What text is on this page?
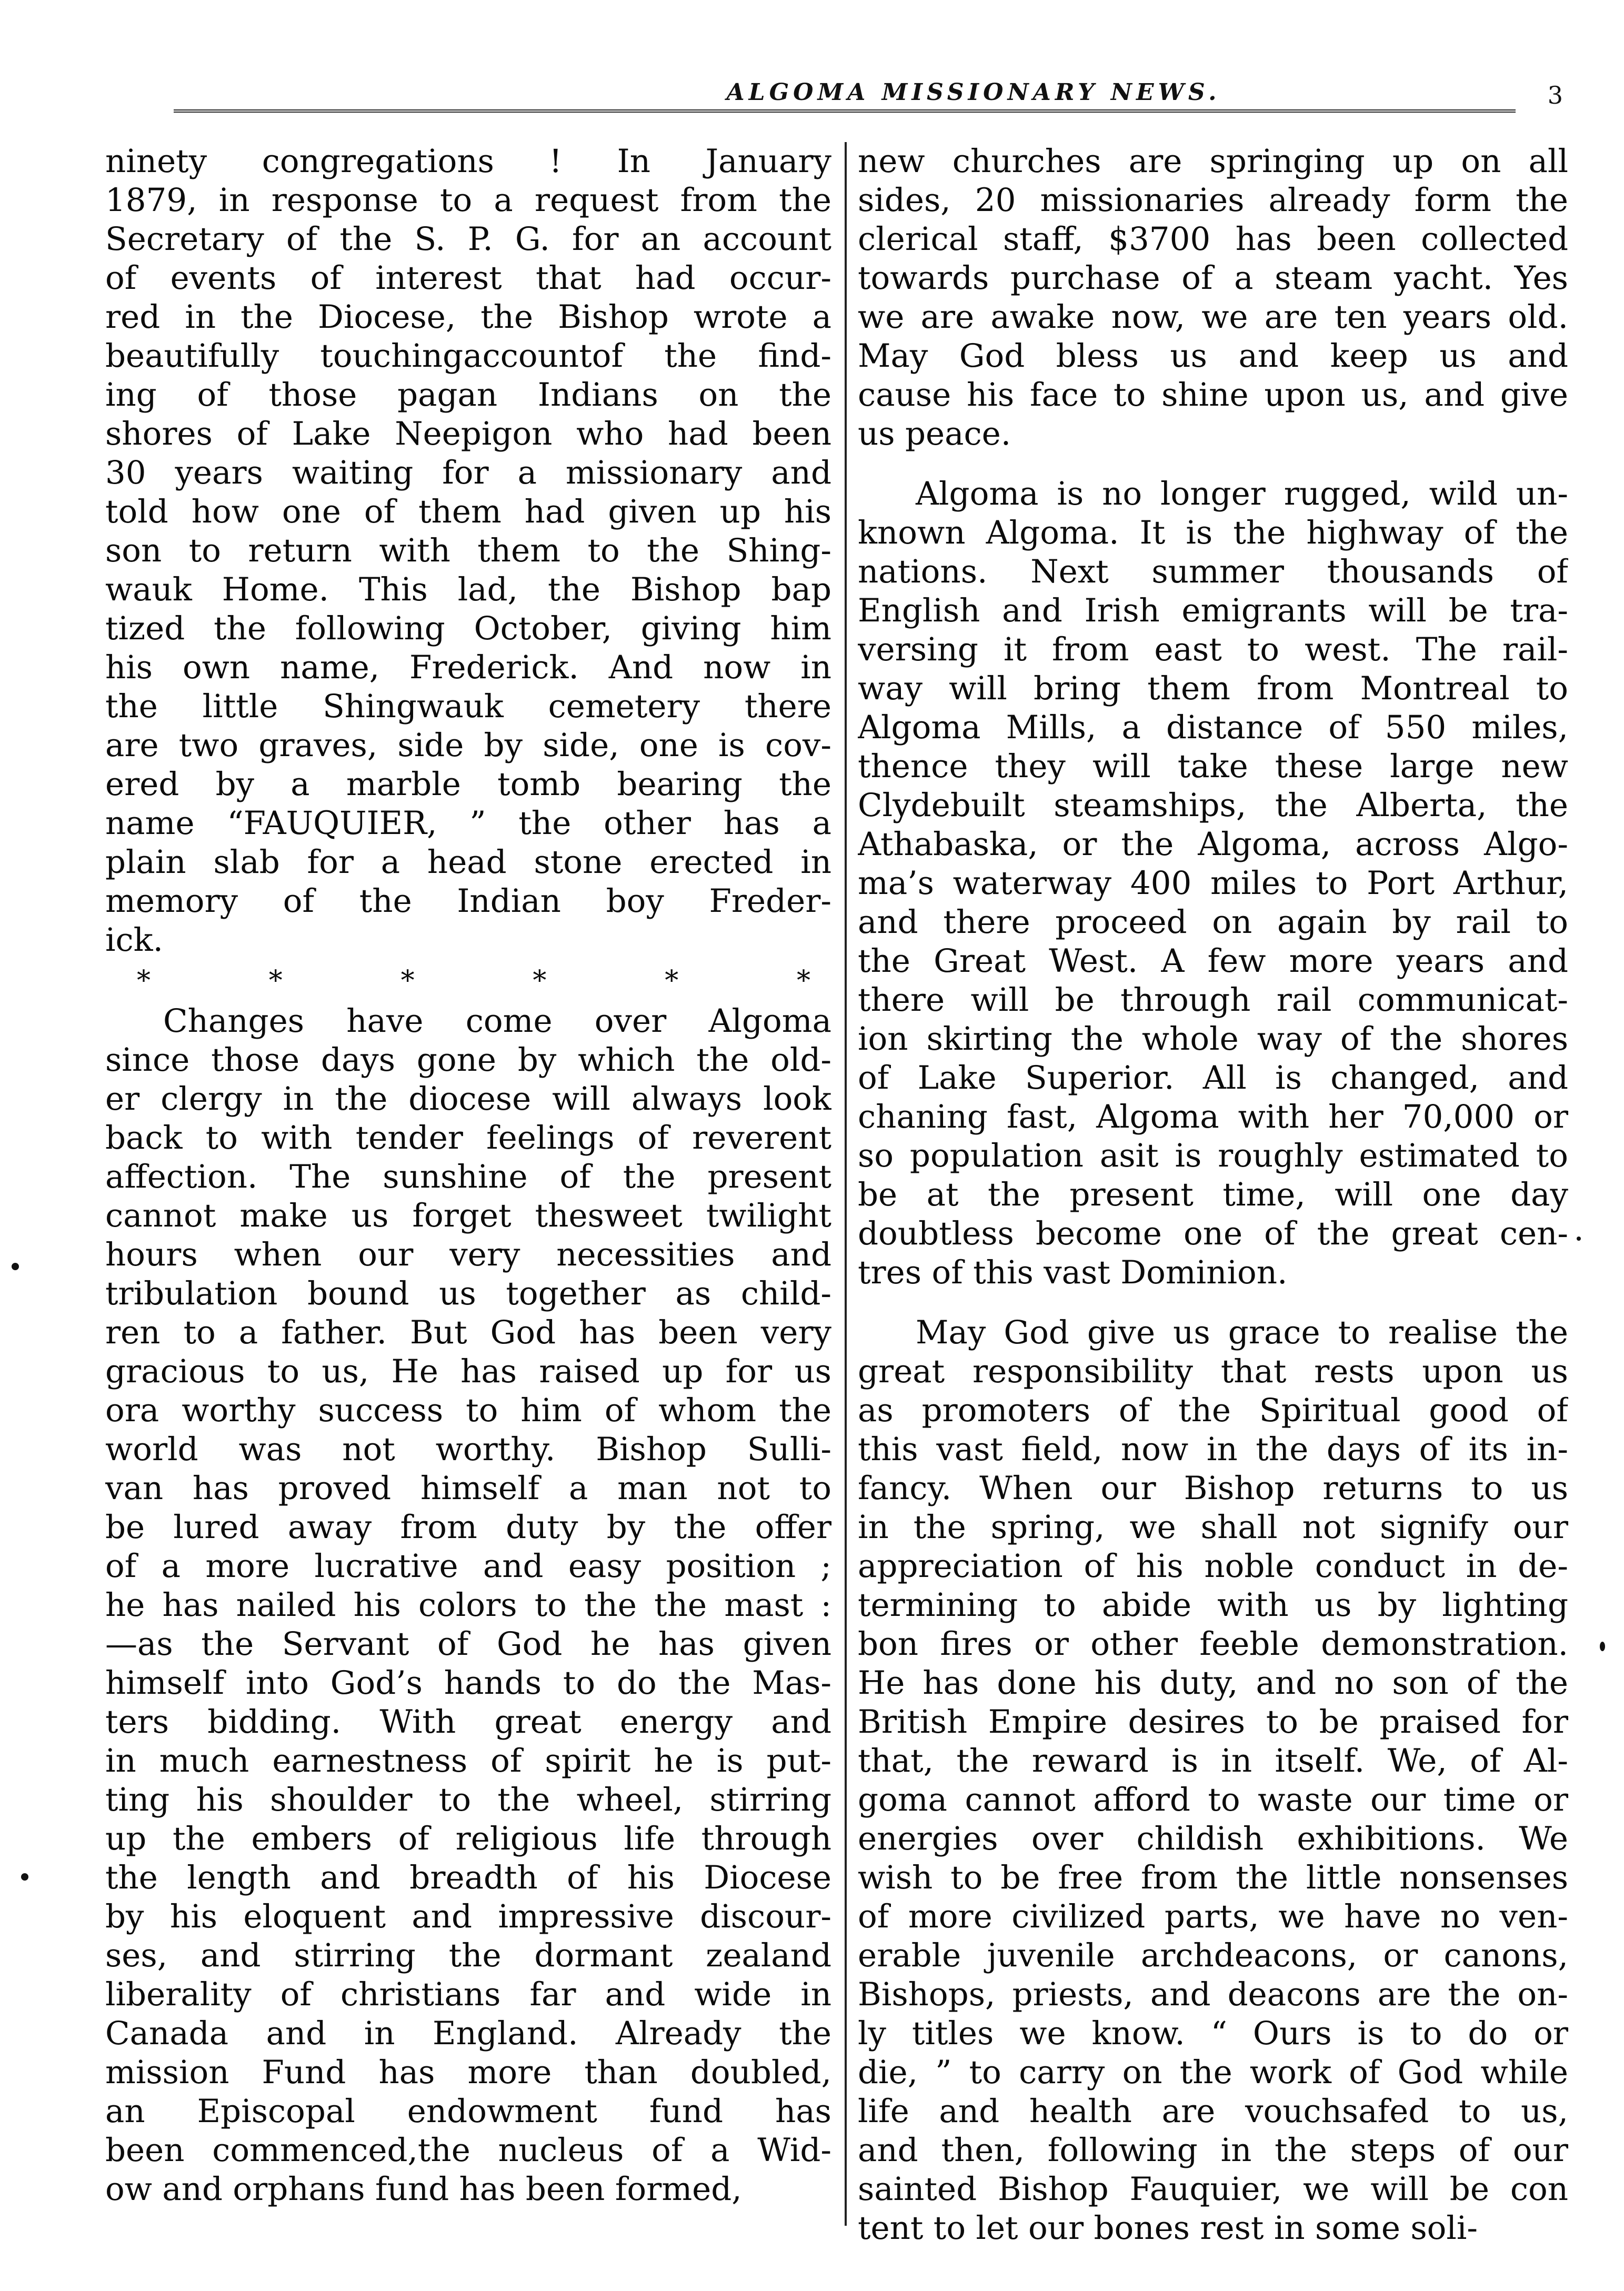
ALGOMA MISSIONARY NEWS.	3
ninety congregations ! In January
1879, in response to a request from the
Secretary of the S. P. G. for an account
of events of interest that had occur-
red in the Diocese, the Bishop wrote a
beautifully touchingaccountof the find-
ing of those pagan Indians on the
shores of Lake Neepigon who had been
30 years waiting for a missionary and
told how one of them had given up his
son to return with them to the Shing-
wauk Home. This lad, the Bishop bap
tized the following October, giving him
his own name, Frederick. And now in
the little Shingwauk cemetery there
are two graves, side by side, one is cov-
ered by a marble tomb bearing the
name “FAUQUIER, ” the other has a
plain slab for a head stone erected in
memory of the Indian boy Freder-
ick.
*	*	*	*	*	*
Changes have come over Algoma
since those days gone by which the old-
er clergy in the diocese will always look
back to with tender feelings of reverent
affection. The sunshine of the present
cannot make us forget thesweet twilight
hours when our very necessities and
tribulation bound us together as child-
ren to a father. But God has been very
gracious to us, He has raised up for us
ora worthy success to him of whom the
world was not worthy. Bishop Sulli-
van has proved himself a man not to
be lured away from duty by the offer
of a more lucrative and easy position ;
he has nailed his colors to the the mast :
—as the Servant of God he has given
himself into God’s hands to do the Mas-
ters bidding. With great energy and
in much earnestness of spirit he is put-
ting his shoulder to the wheel, stirring
up the embers of religious life through
the length and breadth of his Diocese
by his eloquent and impressive discour-
ses, and stirring the dormant zealand
liberality of christians far and wide in
Canada and in England. Already the
mission Fund has more than doubled,
an Episcopal endowment fund has
been commenced,the nucleus of a Wid-
ow and orphans fund has been formed,
new churches are springing up on all
sides, 20 missionaries already form the
clerical staff, $3700 has been collected
towards purchase of a steam yacht. Yes
we are awake now, we are ten years old.
May God bless us and keep us and
cause his face to shine upon us, and give
us peace.
Algoma is no longer rugged, wild un-
known Algoma. It is the highway of the
nations. Next summer thousands of
English and Irish emigrants will be tra-
versing it from east to west. The rail-
way will bring them from Montreal to
Algoma Mills, a distance of 550 miles,
thence they will take these large new
Clydebuilt steamships, the Alberta, the
Athabaska, or the Algoma, across Algo-
ma’s waterway 400 miles to Port Arthur,
and there proceed on again by rail to
the Great West. A few more years and
there will be through rail communicat-
ion skirting the whole way of the shores
of Lake Superior. All is changed, and
chaning fast, Algoma with her 70,000 or
so population asit is roughly estimated to
be at the present time, will one day
doubtless become one of the great cen-
tres of this vast Dominion.
May God give us grace to realise the
great responsibility that rests upon us
as promoters of the Spiritual good of
this vast field, now in the days of its in-
fancy. When our Bishop returns to us
in the spring, we shall not signify our
appreciation of his noble conduct in de-
termining to abide with us by lighting
bon fires or other feeble demonstration.
He has done his duty, and no son of the
British Empire desires to be praised for
that, the reward is in itself. We, of Al-
goma cannot afford to waste our time or
energies over childish exhibitions. We
wish to be free from the little nonsenses
of more civilized parts, we have no ven-
erable juvenile archdeacons, or canons,
Bishops, priests, and deacons are the on-
ly titles we know. “ Ours is to do or
die, ” to carry on the work of God while
life and health are vouchsafed to us,
and then, following in the steps of our
sainted Bishop Fauquier, we will be con
tent to let our bones rest in some soli-
